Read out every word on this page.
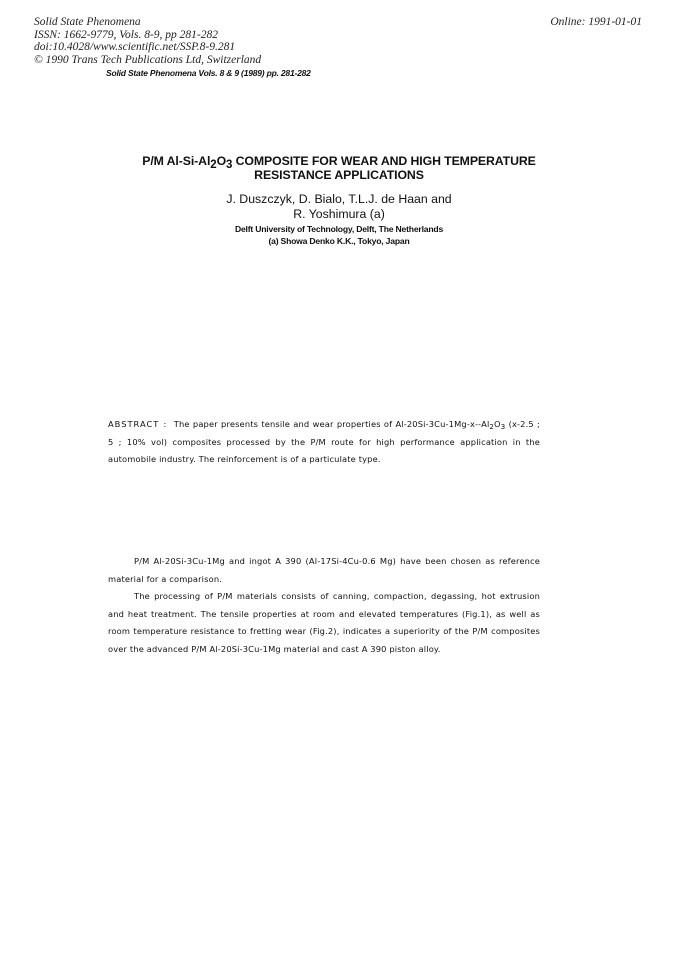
Solid State Phenomena
ISSN: 1662-9779, Vols. 8-9, pp 281-282
doi:10.4028/www.scientific.net/SSP.8-9.281
© 1990 Trans Tech Publications Ltd, Switzerland
Online: 1991-01-01
Solid State Phenomena Vols. 8 & 9 (1989) pp. 281-282
P/M $Al-Si-Al_2O_3$ COMPOSITE FOR WEAR AND HIGH TEMPERATURE
RESISTANCE APPLICATIONS
J. Duszczyk, D. Bialo, T.L.J. de Haan and
R. Yoshimura (a)
Delft University of Technology, Delft, The Netherlands
(a) Showa Denko K.K., Tokyo, Japan
ABSTRACT : The paper presents tensile and wear properties of $Al-20Si-3Cu-1Mg-x--Al_2O_3$ (x-2.5 ; 5 ; 10% vol) composites processed by the P/M route for high performance application in the automobile industry. The reinforcement is of a particulate type.

P/M Al-20Si-3Cu-1Mg and ingot A 390 (Al-17Si-4Cu-0.6 Mg) have been chosen as reference material for a comparison.

The processing of P/M materials consists of canning, compaction, degassing, hot extrusion and heat treatment. The tensile properties at room and elevated temperatures (Fig.1), as well as room temperature resistance to fretting wear (Fig.2), indicates a superiority of the P/M composites over the advanced P/M Al-20Si-3Cu-1Mg material and cast A 390 piston alloy.
